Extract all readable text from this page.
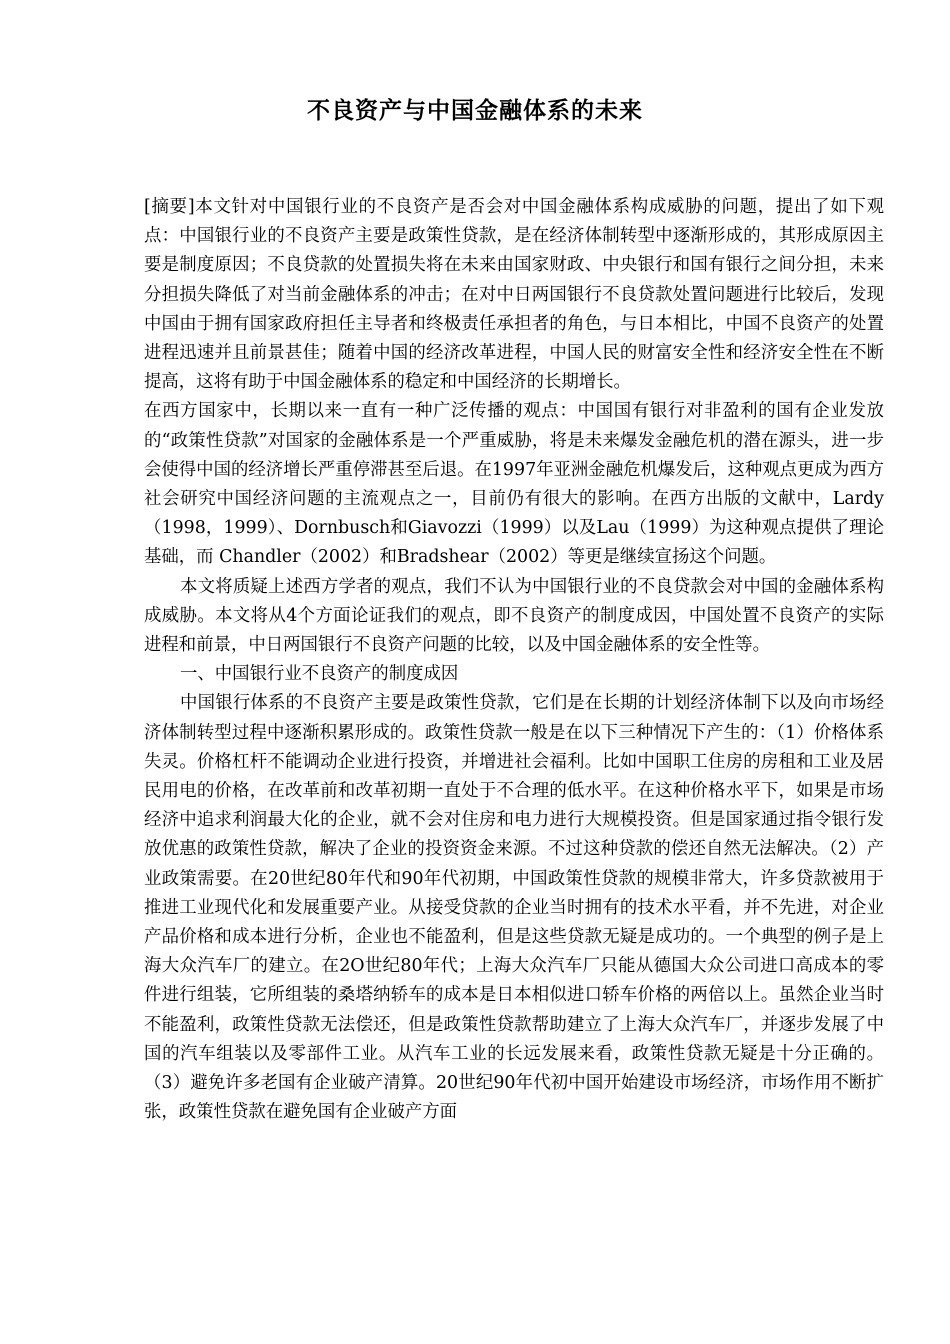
不良资产与中国金融体系的未来

[摘要]本文针对中国银行业的不良资产是否会对中国金融体系构成威胁的问题，提出了如下观点：中国银行业的不良资产主要是政策性贷款，是在经济体制转型中逐渐形成的，其形成原因主要是制度原因；不良贷款的处置损失将在未来由国家财政、中央银行和国有银行之间分担，未来分担损失降低了对当前金融体系的冲击；在对中日两国银行不良贷款处置问题进行比较后，发现中国由于拥有国家政府担任主导者和终极责任承担者的角色，与日本相比，中国不良资产的处置进程迅速并且前景甚佳；随着中国的经济改革进程，中国人民的财富安全性和经济安全性在不断提高，这将有助于中国金融体系的稳定和中国经济的长期增长。

在西方国家中，长期以来一直有一种广泛传播的观点：中国国有银行对非盈利的国有企业发放的“政策性贷款”对国家的金融体系是一个严重威胁，将是未来爆发金融危机的潜在源头，进一步会使得中国的经济增长严重停滞甚至后退。在1997年亚洲金融危机爆发后，这种观点更成为西方社会研究中国经济问题的主流观点之一，目前仍有很大的影响。在西方出版的文献中，Lardy（1998，1999）、Dornbusch和Giavozzi（1999）以及Lau（1999）为这种观点提供了理论基础，而 Chandler（2002）和Bradshear（2002）等更是继续宣扬这个问题。

本文将质疑上述西方学者的观点，我们不认为中国银行业的不良贷款会对中国的金融体系构成威胁。本文将从4个方面论证我们的观点，即不良资产的制度成因，中国处置不良资产的实际进程和前景，中日两国银行不良资产问题的比较，以及中国金融体系的安全性等。

一、中国银行业不良资产的制度成因

中国银行体系的不良资产主要是政策性贷款，它们是在长期的计划经济体制下以及向市场经济体制转型过程中逐渐积累形成的。政策性贷款一般是在以下三种情况下产生的：（1）价格体系失灵。价格杠杆不能调动企业进行投资，并增进社会福利。比如中国职工住房的房租和工业及居民用电的价格，在改革前和改革初期一直处于不合理的低水平。在这种价格水平下，如果是市场经济中追求利润最大化的企业，就不会对住房和电力进行大规模投资。但是国家通过指令银行发放优惠的政策性贷款，解决了企业的投资资金来源。不过这种贷款的偿还自然无法解决。（2）产业政策需要。在20世纪80年代和90年代初期，中国政策性贷款的规模非常大，许多贷款被用于推进工业现代化和发展重要产业。从接受贷款的企业当时拥有的技术水平看，并不先进，对企业产品价格和成本进行分析，企业也不能盈利，但是这些贷款无疑是成功的。一个典型的例子是上海大众汽车厂的建立。在2O世纪80年代；上海大众汽车厂只能从德国大众公司进口高成本的零件进行组装，它所组装的桑塔纳轿车的成本是日本相似进口轿车价格的两倍以上。虽然企业当时不能盈利，政策性贷款无法偿还，但是政策性贷款帮助建立了上海大众汽车厂，并逐步发展了中国的汽车组装以及零部件工业。从汽车工业的长远发展来看，政策性贷款无疑是十分正确的。（3）避免许多老国有企业破产清算。20世纪90年代初中国开始建设市场经济，市场作用不断扩张，政策性贷款在避免国有企业破产方面
